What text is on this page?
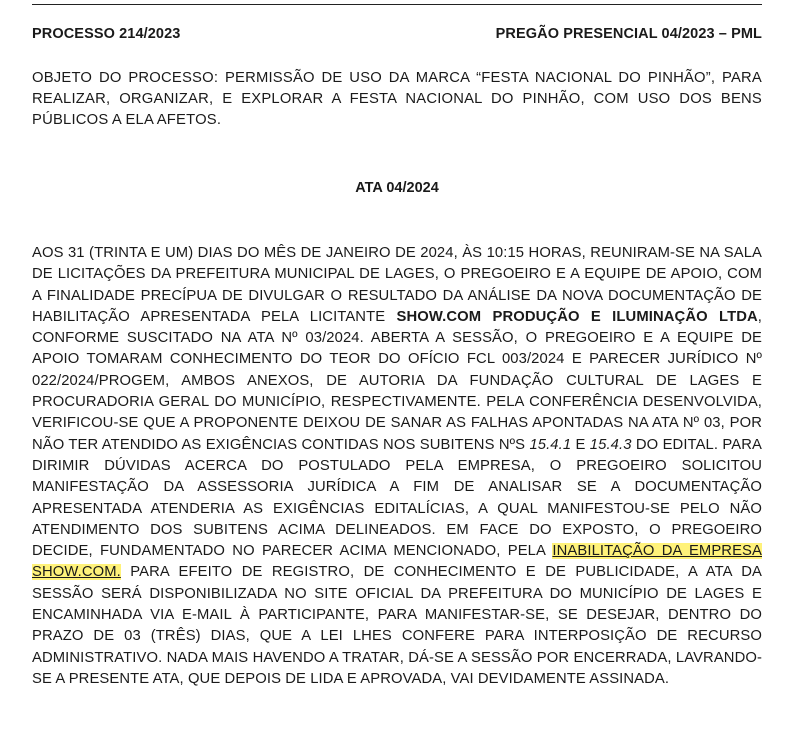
PROCESSO 214/2023	PREGÃO PRESENCIAL 04/2023 – PML
OBJETO DO PROCESSO: PERMISSÃO DE USO DA MARCA “FESTA NACIONAL DO PINHÃO”, PARA REALIZAR, ORGANIZAR, E EXPLORAR A FESTA NACIONAL DO PINHÃO, COM USO DOS BENS PÚBLICOS A ELA AFETOS.
ATA 04/2024
AOS 31 (TRINTA E UM) DIAS DO MÊS DE JANEIRO DE 2024, ÀS 10:15 HORAS, REUNIRAM-SE NA SALA DE LICITAÇÕES DA PREFEITURA MUNICIPAL DE LAGES, O PREGOEIRO E A EQUIPE DE APOIO, COM A FINALIDADE PRECÍPUA DE DIVULGAR O RESULTADO DA ANÁLISE DA NOVA DOCUMENTAÇÃO DE HABILITAÇÃO APRESENTADA PELA LICITANTE SHOW.COM PRODUÇÃO E ILUMINAÇÃO LTDA, CONFORME SUSCITADO NA ATA Nº 03/2024. ABERTA A SESSÃO, O PREGOEIRO E A EQUIPE DE APOIO TOMARAM CONHECIMENTO DO TEOR DO OFÍCIO FCL 003/2024 E PARECER JURÍDICO Nº 022/2024/PROGEM, AMBOS ANEXOS, DE AUTORIA DA FUNDAÇÃO CULTURAL DE LAGES E PROCURADORIA GERAL DO MUNICÍPIO, RESPECTIVAMENTE. PELA CONFERÊNCIA DESENVOLVIDA, VERIFICOU-SE QUE A PROPONENTE DEIXOU DE SANAR AS FALHAS APONTADAS NA ATA Nº 03, POR NÃO TER ATENDIDO AS EXIGÊNCIAS CONTIDAS NOS SUBITENS NºS 15.4.1 E 15.4.3 DO EDITAL. PARA DIRIMIR DÚVIDAS ACERCA DO POSTULADO PELA EMPRESA, O PREGOEIRO SOLICITOU MANIFESTAÇÃO DA ASSESSORIA JURÍDICA A FIM DE ANALISAR SE A DOCUMENTAÇÃO APRESENTADA ATENDERIA AS EXIGÊNCIAS EDITALÍCIAS, A QUAL MANIFESTOU-SE PELO NÃO ATENDIMENTO DOS SUBITENS ACIMA DELINEADOS. EM FACE DO EXPOSTO, O PREGOEIRO DECIDE, FUNDAMENTADO NO PARECER ACIMA MENCIONADO, PELA INABILITAÇÃO DA EMPRESA SHOW.COM. PARA EFEITO DE REGISTRO, DE CONHECIMENTO E DE PUBLICIDADE, A ATA DA SESSÃO SERÁ DISPONIBILIZADA NO SITE OFICIAL DA PREFEITURA DO MUNICÍPIO DE LAGES E ENCAMINHADA VIA E-MAIL À PARTICIPANTE, PARA MANIFESTAR-SE, SE DESEJAR, DENTRO DO PRAZO DE 03 (TRÊS) DIAS, QUE A LEI LHES CONFERE PARA INTERPOSIÇÃO DE RECURSO ADMINISTRATIVO. NADA MAIS HAVENDO A TRATAR, DÁ-SE A SESSÃO POR ENCERRADA, LAVRANDO-SE A PRESENTE ATA, QUE DEPOIS DE LIDA E APROVADA, VAI DEVIDAMENTE ASSINADA.
